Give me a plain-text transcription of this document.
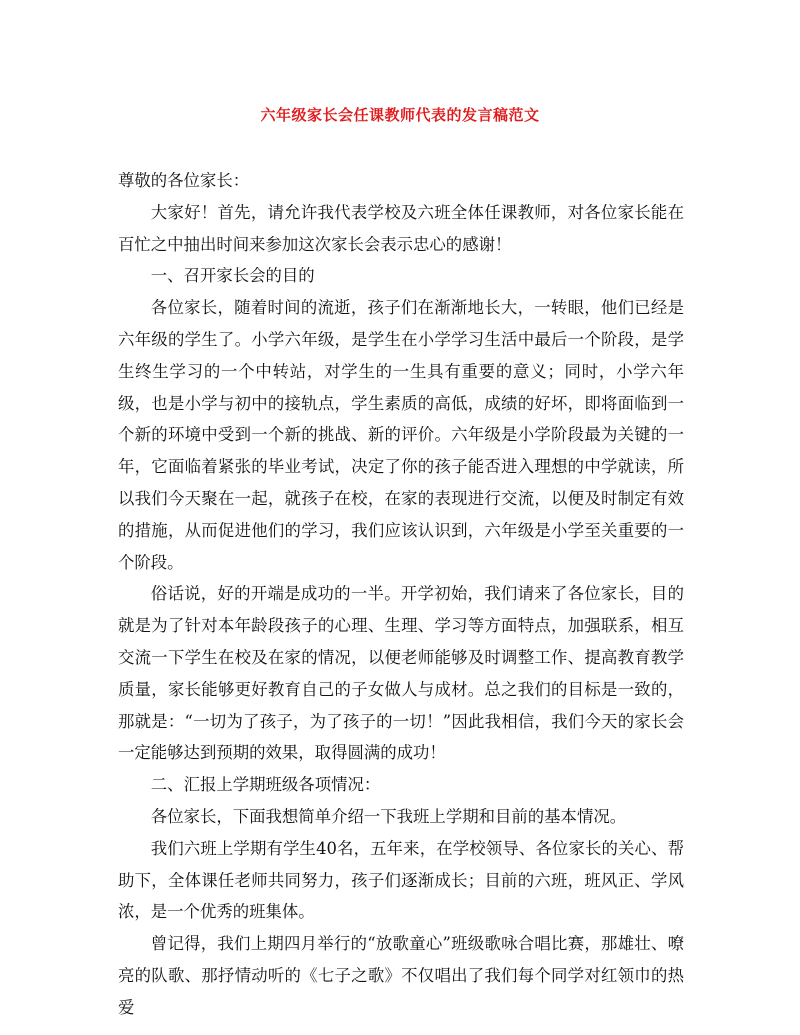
六年级家长会任课教师代表的发言稿范文

尊敬的各位家长：

大家好！首先，请允许我代表学校及六班全体任课教师，对各位家长能在百忙之中抽出时间来参加这次家长会表示忠心的感谢！

一、召开家长会的目的

各位家长，随着时间的流逝，孩子们在渐渐地长大，一转眼，他们已经是六年级的学生了。小学六年级，是学生在小学学习生活中最后一个阶段，是学生终生学习的一个中转站，对学生的一生具有重要的意义；同时，小学六年级，也是小学与初中的接轨点，学生素质的高低，成绩的好坏，即将面临到一个新的环境中受到一个新的挑战、新的评价。六年级是小学阶段最为关键的一年，它面临着紧张的毕业考试，决定了你的孩子能否进入理想的中学就读，所以我们今天聚在一起，就孩子在校，在家的表现进行交流，以便及时制定有效的措施，从而促进他们的学习，我们应该认识到，六年级是小学至关重要的一个阶段。

俗话说，好的开端是成功的一半。开学初始，我们请来了各位家长，目的就是为了针对本年龄段孩子的心理、生理、学习等方面特点，加强联系，相互交流一下学生在校及在家的情况，以便老师能够及时调整工作、提高教育教学质量，家长能够更好教育自己的子女做人与成材。总之我们的目标是一致的，那就是：“一切为了孩子，为了孩子的一切！”因此我相信，我们今天的家长会一定能够达到预期的效果，取得圆满的成功！

二、汇报上学期班级各项情况：

各位家长，下面我想简单介绍一下我班上学期和目前的基本情况。

我们六班上学期有学生40名，五年来，在学校领导、各位家长的关心、帮助下，全体课任老师共同努力，孩子们逐渐成长；目前的六班，班风正、学风浓，是一个优秀的班集体。

曾记得，我们上期四月举行的“放歌童心”班级歌咏合唱比赛，那雄壮、嘹亮的队歌、那抒情动听的《七子之歌》不仅唱出了我们每个同学对红领巾的热爱
